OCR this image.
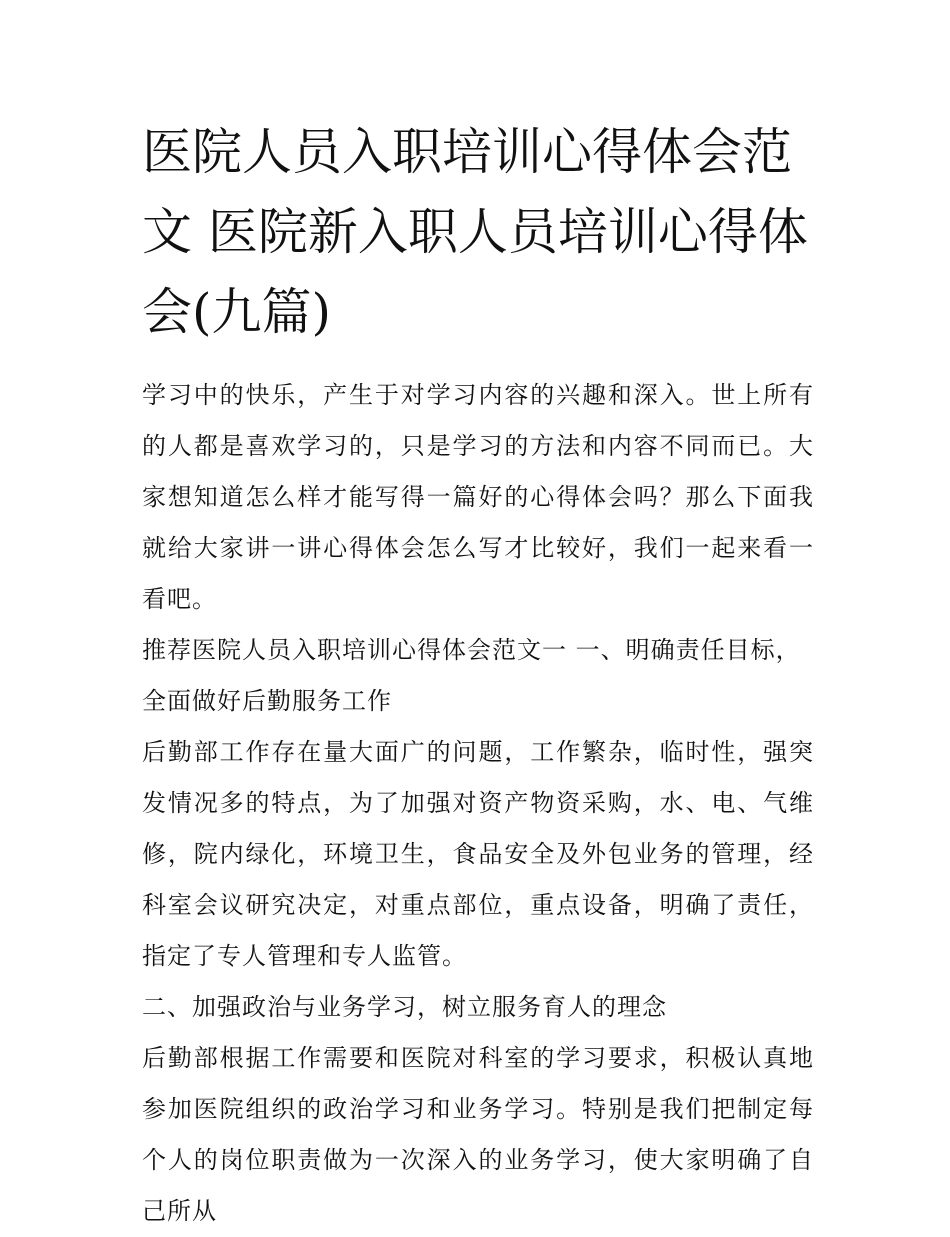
医院人员入职培训心得体会范文 医院新入职人员培训心得体会(九篇)

学习中的快乐，产生于对学习内容的兴趣和深入。世上所有的人都是喜欢学习的，只是学习的方法和内容不同而已。大家想知道怎么样才能写得一篇好的心得体会吗？那么下面我就给大家讲一讲心得体会怎么写才比较好，我们一起来看一看吧。

推荐医院人员入职培训心得体会范文一 一、明确责任目标，全面做好后勤服务工作

后勤部工作存在量大面广的问题，工作繁杂，临时性，强突发情况多的特点，为了加强对资产物资采购，水、电、气维修，院内绿化，环境卫生，食品安全及外包业务的管理，经科室会议研究决定，对重点部位，重点设备，明确了责任，指定了专人管理和专人监管。

二、加强政治与业务学习，树立服务育人的理念

后勤部根据工作需要和医院对科室的学习要求，积极认真地参加医院组织的政治学习和业务学习。特别是我们把制定每个人的岗位职责做为一次深入的业务学习，使大家明确了自己所从
